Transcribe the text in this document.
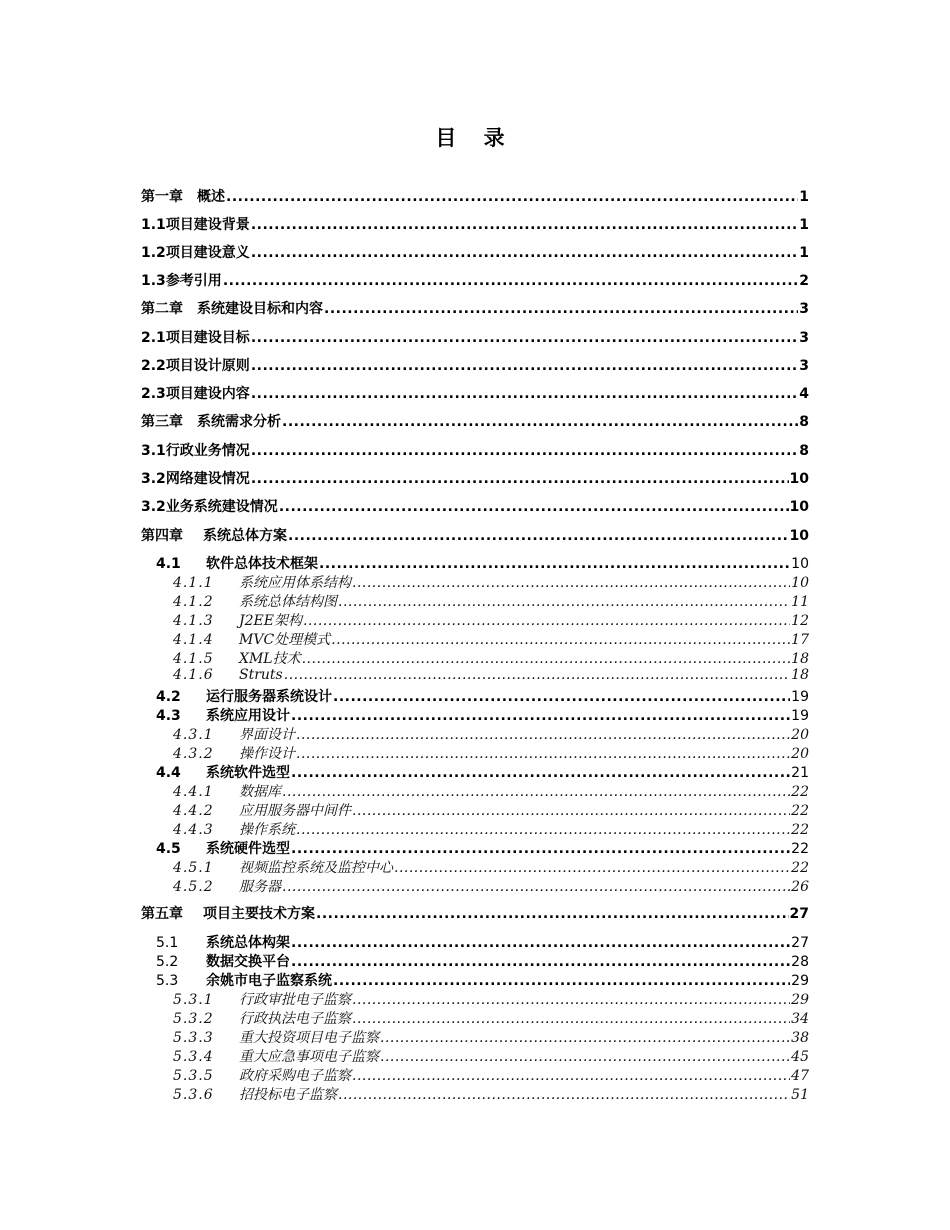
目 录
第一章 概述 .....	1
1.1 项目建设背景 .....	1
1.2 项目建设意义 .....	1
1.3 参考引用 .....	2
第二章 系统建设目标和内容 .....	3
2.1 项目建设目标 .....	3
2.2 项目设计原则 .....	3
2.3 项目建设内容 .....	4
第三章 系统需求分析 .....	8
3.1 行政业务情况 .....	8
3.2 网络建设情况 .....	10
3.2 业务系统建设情况 .....	10
第四章 系统总体方案 .....	10
4.1	软件总体技术框架 .....	10
4.1.1	系统应用体系结构 .....	10
4.1.2	系统总体结构图 .....	11
4.1.3	J2EE架构 .....	12
4.1.4	MVC处理模式 .....	17
4.1.5	XML技术 .....	18
4.1.6	Struts .....	18
4.2	运行服务器系统设计 .....	19
4.3	系统应用设计 .....	19
4.3.1	界面设计 .....	20
4.3.2	操作设计 .....	20
4.4	系统软件选型 .....	21
4.4.1	数据库 .....	22
4.4.2	应用服务器中间件 .....	22
4.4.3	操作系统 .....	22
4.5	系统硬件选型 .....	22
4.5.1	视频监控系统及监控中心 .....	22
4.5.2	服务器 .....	26
第五章 项目主要技术方案 .....	27
5.1	系统总体构架 .....	27
5.2	数据交换平台 .....	28
5.3	余姚市电子监察系统 .....	29
5.3.1	行政审批电子监察 .....	29
5.3.2	行政执法电子监察 .....	34
5.3.3	重大投资项目电子监察 .....	38
5.3.4	重大应急事项电子监察 .....	45
5.3.5	政府采购电子监察 .....	47
5.3.6	招投标电子监察 .....	51
